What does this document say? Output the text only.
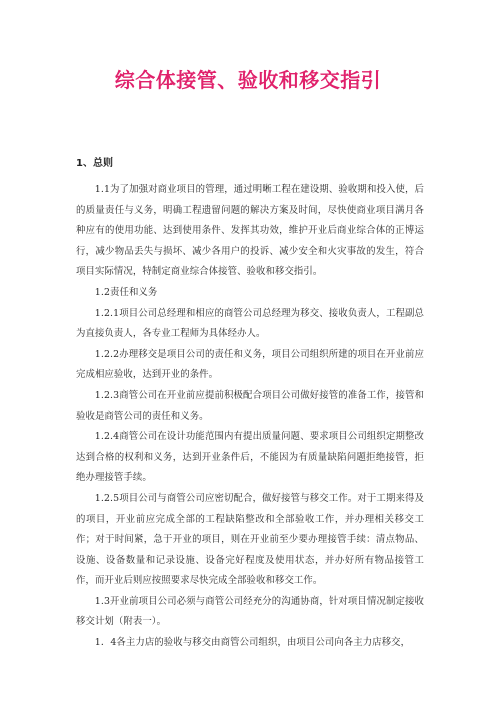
综合体接管、验收和移交指引
1、总则

1.1为了加强对商业项目的管理，通过明晰工程在建设期、验收期和投入使，后的质量责任与义务，明确工程遗留问题的解决方案及时间，尽快使商业项目满月各种应有的使用功能、达到使用条件、发挥其功效，维护开业后商业综合体的正博运行，减少物品丢失与损坏、减少各用户的投诉、减少安全和火灾事故的发生，符合项目实际情况，特制定商业综合体接管、验收和移交指引。

1.2责任和义务

1.2.1项目公司总经理和相应的商管公司总经理为移交、接收负责人，工程副总为直接负责人，各专业工程师为具体经办人。

1.2.2办理移交是项目公司的责任和义务，项目公司组织所建的项目在开业前应完成相应验收，达到开业的条件。

1.2.3商管公司在开业前应提前积极配合项目公司做好接管的准备工作，接管和验收是商管公司的责任和义务。

1.2.4商管公司在设计功能范围内有提出质量问题、要求项目公司组织定期整改达到合格的权利和义务，达到开业条件后，不能因为有质量缺陷问题拒绝接管，拒绝办理接管手续。

1.2.5项目公司与商管公司应密切配合，做好接管与移交工作。对于工期来得及的项目，开业前应完成全部的工程缺陷整改和全部验收工作，并办理相关移交工作；对于时间紧，急于开业的项目，则在开业前至少要办理接管手续：清点物品、设施、设备数量和记录设施、设备完好程度及使用状态，并办好所有物品接管工作，而开业后则应按照要求尽快完成全部验收和移交工作。

1.3开业前项目公司必须与商管公司经充分的沟通协商，针对项目情况制定接收移交计划（附表一）。

1．4各主力店的验收与移交由商管公司组织，由项目公司向各主力店移交，
